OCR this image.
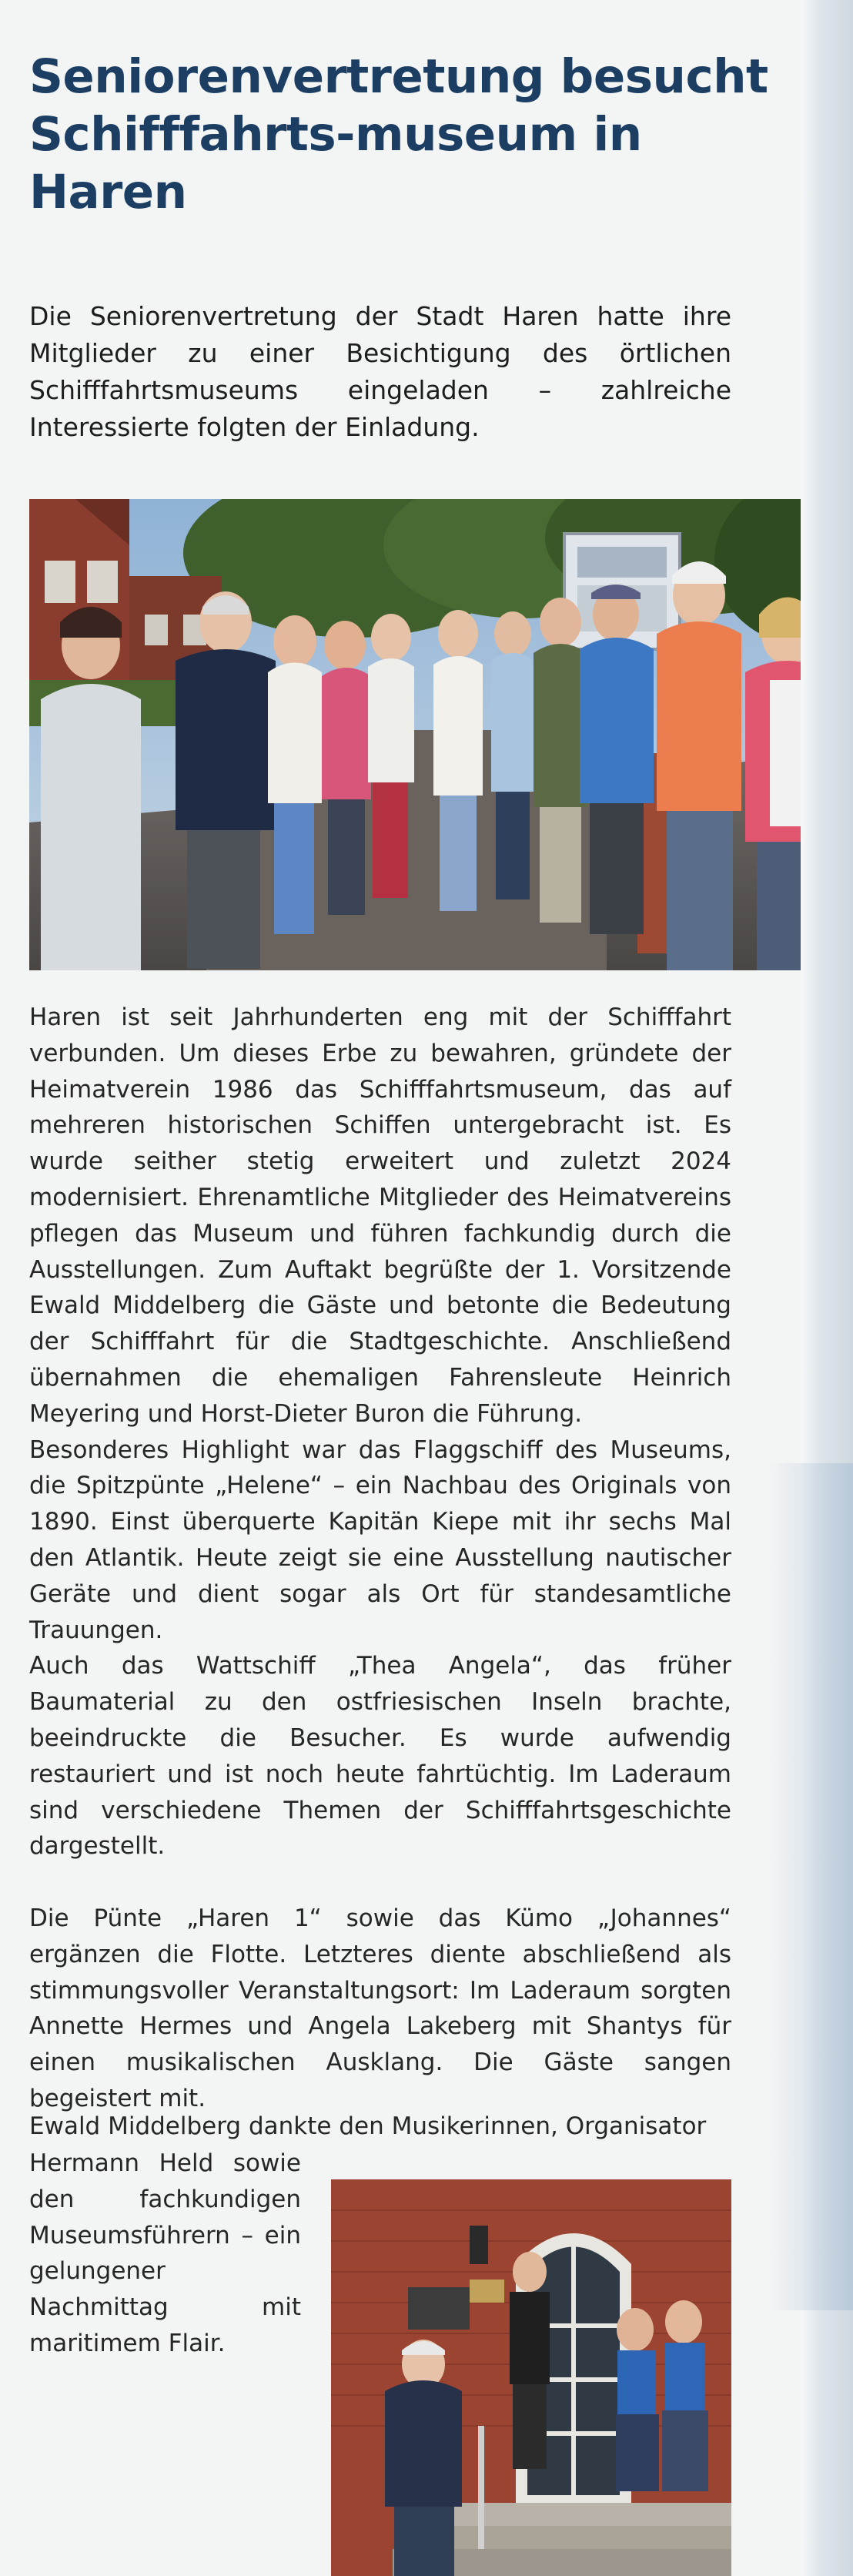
Seniorenvertretung besucht Schifffahrts-museum in Haren

Die Seniorenvertretung der Stadt Haren hatte ihre Mitglieder zu einer Besichtigung des örtlichen Schifffahrtsmuseums eingeladen – zahlreiche Interessierte folgten der Einladung.

Haren ist seit Jahrhunderten eng mit der Schifffahrt verbunden. Um dieses Erbe zu bewahren, gründete der Heimatverein 1986 das Schifffahrtsmuseum, das auf mehreren historischen Schiffen untergebracht ist. Es wurde seither stetig erweitert und zuletzt 2024 modernisiert. Ehrenamtliche Mitglieder des Heimatvereins pflegen das Museum und führen fachkundig durch die Ausstellungen. Zum Auftakt begrüßte der 1. Vorsitzende Ewald Middelberg die Gäste und betonte die Bedeutung der Schifffahrt für die Stadtgeschichte. Anschließend übernahmen die ehemaligen Fahrensleute Heinrich Meyering und Horst-Dieter Buron die Führung.

Besonderes Highlight war das Flaggschiff des Museums, die Spitzpünte „Helene“ – ein Nachbau des Originals von 1890. Einst überquerte Kapitän Kiepe mit ihr sechs Mal den Atlantik. Heute zeigt sie eine Ausstellung nautischer Geräte und dient sogar als Ort für standesamtliche Trauungen.

Auch das Wattschiff „Thea Angela“, das früher Baumaterial zu den ostfriesischen Inseln brachte, beeindruckte die Besucher. Es wurde aufwendig restauriert und ist noch heute fahrtüchtig. Im Laderaum sind verschiedene Themen der Schifffahrtsgeschichte dargestellt.

Die Pünte „Haren 1“ sowie das Kümo „Johannes“ ergänzen die Flotte. Letzteres diente abschließend als stimmungsvoller Veranstaltungsort: Im Laderaum sorgten Annette Hermes und Angela Lakeberg mit Shantys für einen musikalischen Ausklang. Die Gäste sangen begeistert mit.

Ewald Middelberg dankte den Musikerinnen, Organisator

Hermann Held sowie den fachkundigen Museumsführern – ein gelungener Nachmittag mit maritimem Flair.
